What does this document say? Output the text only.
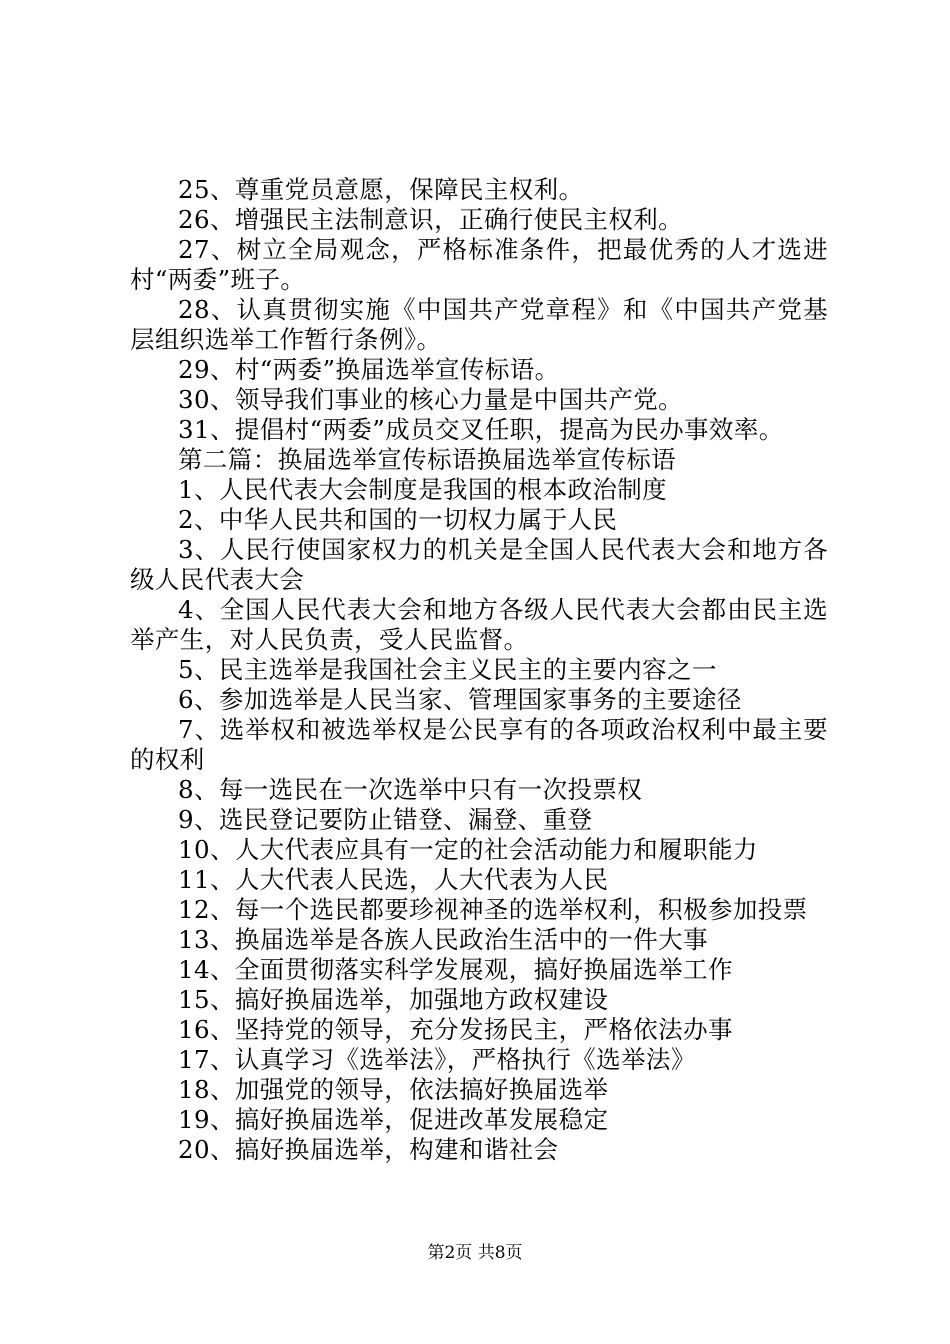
25、尊重党员意愿，保障民主权利。

26、增强民主法制意识，正确行使民主权利。

27、树立全局观念，严格标准条件，把最优秀的人才选进村“两委”班子。

28、认真贯彻实施《中国共产党章程》和《中国共产党基层组织选举工作暂行条例》。

29、村“两委”换届选举宣传标语。

30、领导我们事业的核心力量是中国共产党。

31、提倡村“两委”成员交叉任职，提高为民办事效率。

第二篇：换届选举宣传标语换届选举宣传标语

1、人民代表大会制度是我国的根本政治制度

2、中华人民共和国的一切权力属于人民

3、人民行使国家权力的机关是全国人民代表大会和地方各级人民代表大会

4、全国人民代表大会和地方各级人民代表大会都由民主选举产生，对人民负责，受人民监督。

5、民主选举是我国社会主义民主的主要内容之一

6、参加选举是人民当家、管理国家事务的主要途径

7、选举权和被选举权是公民享有的各项政治权利中最主要的权利

8、每一选民在一次选举中只有一次投票权

9、选民登记要防止错登、漏登、重登

10、人大代表应具有一定的社会活动能力和履职能力

11、人大代表人民选，人大代表为人民

12、每一个选民都要珍视神圣的选举权利，积极参加投票

13、换届选举是各族人民政治生活中的一件大事

14、全面贯彻落实科学发展观，搞好换届选举工作

15、搞好换届选举，加强地方政权建设

16、坚持党的领导，充分发扬民主，严格依法办事

17、认真学习《选举法》，严格执行《选举法》

18、加强党的领导，依法搞好换届选举

19、搞好换届选举，促进改革发展稳定

20、搞好换届选举，构建和谐社会

第2页 共8页
